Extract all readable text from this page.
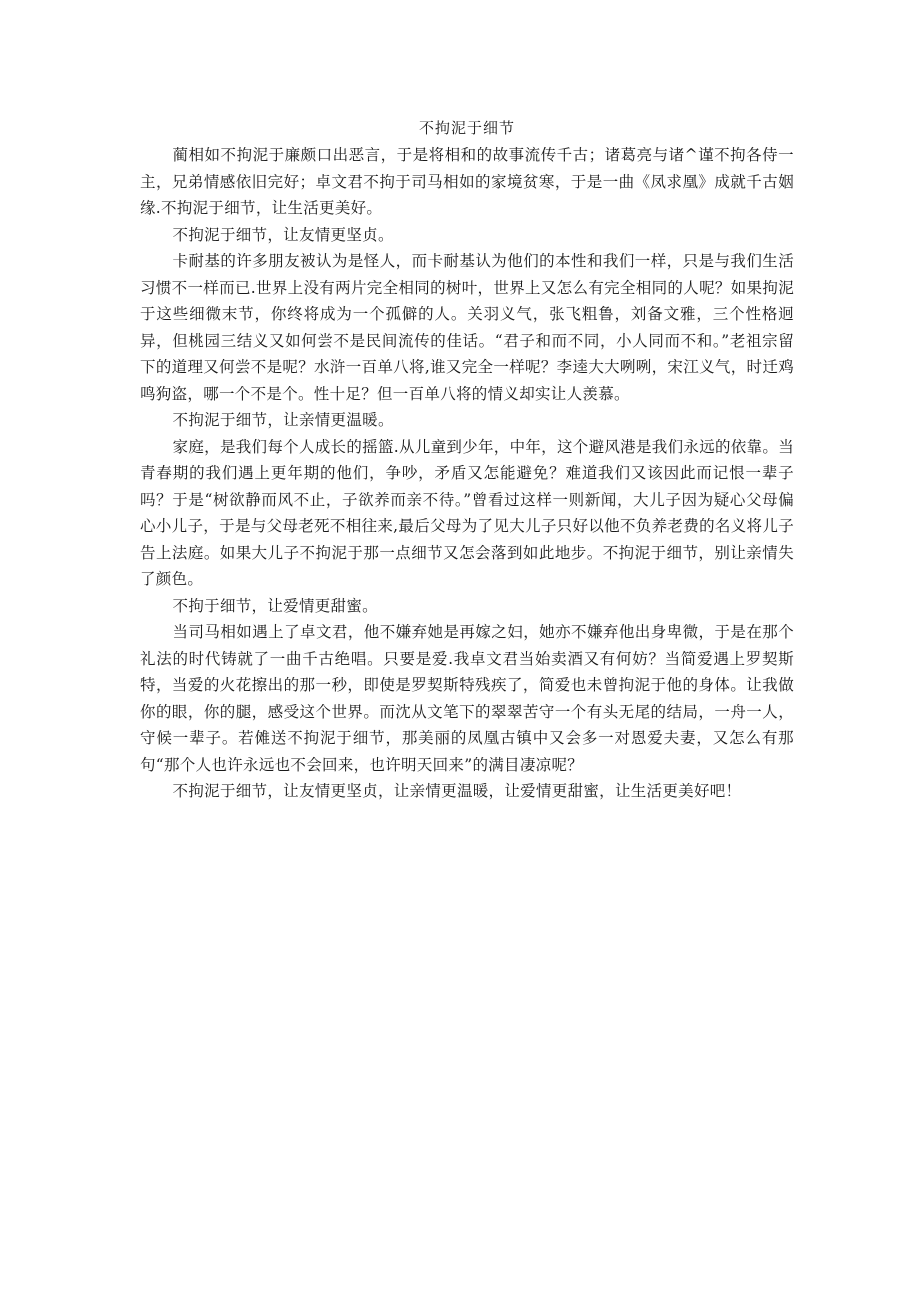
不拘泥于细节

蔺相如不拘泥于廉颇口出恶言，于是将相和的故事流传千古；诸葛亮与诸^谨不拘各侍一主，兄弟情感依旧完好；卓文君不拘于司马相如的家境贫寒，于是一曲《凤求凰》成就千古姻缘.不拘泥于细节，让生活更美好。

不拘泥于细节，让友情更坚贞。

卡耐基的许多朋友被认为是怪人，而卡耐基认为他们的本性和我们一样，只是与我们生活习惯不一样而已.世界上没有两片完全相同的树叶，世界上又怎么有完全相同的人呢？如果拘泥于这些细微末节，你终将成为一个孤僻的人。关羽义气，张飞粗鲁，刘备文雅，三个性格迥异，但桃园三结义又如何尝不是民间流传的佳话。“君子和而不同，小人同而不和。”老祖宗留下的道理又何尝不是呢？水浒一百单八将,谁又完全一样呢？李逵大大咧咧，宋江义气，时迁鸡鸣狗盗，哪一个不是个。性十足？但一百单八将的情义却实让人羡慕。

不拘泥于细节，让亲情更温暖。

家庭，是我们每个人成长的摇篮.从儿童到少年，中年，这个避风港是我们永远的依靠。当青春期的我们遇上更年期的他们，争吵，矛盾又怎能避免？难道我们又该因此而记恨一辈子吗？于是“树欲静而风不止，子欲养而亲不待。”曾看过这样一则新闻，大儿子因为疑心父母偏心小儿子，于是与父母老死不相往来,最后父母为了见大儿子只好以他不负养老费的名义将儿子告上法庭。如果大儿子不拘泥于那一点细节又怎会落到如此地步。不拘泥于细节，别让亲情失了颜色。

不拘于细节，让爱情更甜蜜。

当司马相如遇上了卓文君，他不嫌弃她是再嫁之妇，她亦不嫌弃他出身卑微，于是在那个礼法的时代铸就了一曲千古绝唱。只要是爱.我卓文君当始卖酒又有何妨？当简爱遇上罗契斯特，当爱的火花擦出的那一秒，即使是罗契斯特残疾了，简爱也未曾拘泥于他的身体。让我做你的眼，你的腿，感受这个世界。而沈从文笔下的翠翠苦守一个有头无尾的结局，一舟一人，守候一辈子。若傩送不拘泥于细节，那美丽的凤凰古镇中又会多一对恩爱夫妻，又怎么有那句“那个人也许永远也不会回来，也许明天回来”的满目凄凉呢？

不拘泥于细节，让友情更坚贞，让亲情更温暖，让爱情更甜蜜，让生活更美好吧！
